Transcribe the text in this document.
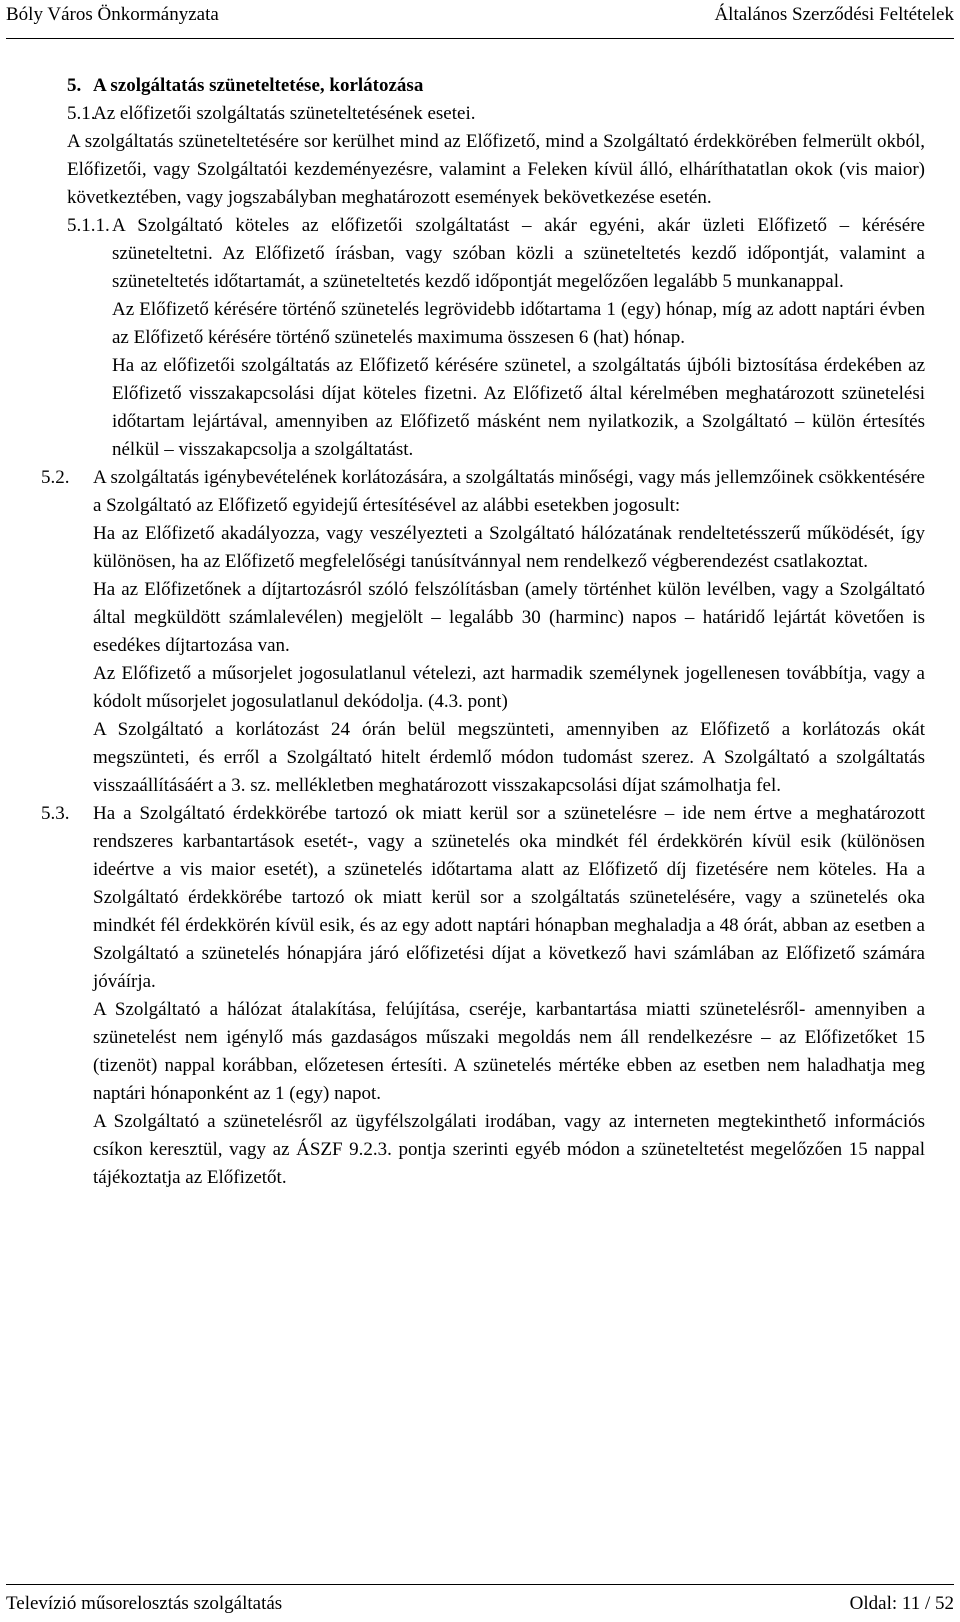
Bóly Város Önkormányzata	Általános Szerződési Feltételek
5. A szolgáltatás szüneteltetése, korlátozása
5.1.
Az előfizetői szolgáltatás szüneteltetésének esetei.
A szolgáltatás szüneteltetésére sor kerülhet mind az Előfizető, mind a Szolgáltató érdekkörében felmerült okból, Előfizetői, vagy Szolgáltatói kezdeményezésre, valamint a Feleken kívül álló, elháríthatatlan okok (vis maior) következtében, vagy jogszabályban meghatározott események bekövetkezése esetén.
5.1.1. A Szolgáltató köteles az előfizetői szolgáltatást – akár egyéni, akár üzleti Előfizető – kérésére szüneteltetni. Az Előfizető írásban, vagy szóban közli a szüneteltetés kezdő időpontját, valamint a szüneteltetés időtartamát, a szüneteltetés kezdő időpontját megelőzően legalább 5 munkanappal.
Az Előfizető kérésére történő szünetelés legrövidebb időtartama 1 (egy) hónap, míg az adott naptári évben az Előfizető kérésére történő szünetelés maximuma összesen 6 (hat) hónap.
Ha az előfizetői szolgáltatás az Előfizető kérésére szünetel, a szolgáltatás újbóli biztosítása érdekében az Előfizető visszakapcsolási díjat köteles fizetni. Az Előfizető által kérelmében meghatározott szünetelési időtartam lejártával, amennyiben az Előfizető másként nem nyilatkozik, a Szolgáltató – külön értesítés nélkül – visszakapcsolja a szolgáltatást.
5.2.	A szolgáltatás igénybevételének korlátozására, a szolgáltatás minőségi, vagy más jellemzőinek csökkentésére a Szolgáltató az Előfizető egyidejű értesítésével az alábbi esetekben jogosult:
Ha az Előfizető akadályozza, vagy veszélyezteti a Szolgáltató hálózatának rendeltetésszerű működését, így különösen, ha az Előfizető megfelelőségi tanúsítvánnyal nem rendelkező végberendezést csatlakoztat.
Ha az Előfizetőnek a díjtartozásról szóló felszólításban (amely történhet külön levélben, vagy a Szolgáltató által megküldött számlalevélen) megjelölt – legalább 30 (harminc) napos – határidő lejártát követően is esedékes díjtartozása van.
Az Előfizető a műsorjelet jogosulatlanul vételezi, azt harmadik személynek jogellenesen továbbítja, vagy a kódolt műsorjelet jogosulatlanul dekódolja. (4.3. pont)
A Szolgáltató a korlátozást 24 órán belül megszünteti, amennyiben az Előfizető a korlátozás okát megszünteti, és erről a Szolgáltató hitelt érdemlő módon tudomást szerez. A Szolgáltató a szolgáltatás visszaállításáért a 3. sz. mellékletben meghatározott visszakapcsolási díjat számolhatja fel.
5.3.	Ha a Szolgáltató érdekkörébe tartozó ok miatt kerül sor a szünetelésre – ide nem értve a meghatározott rendszeres karbantartások esetét-, vagy a szünetelés oka mindkét fél érdekkörén kívül esik (különösen ideértve a vis maior esetét), a szünetelés időtartama alatt az Előfizető díj fizetésére nem köteles. Ha a Szolgáltató érdekkörébe tartozó ok miatt kerül sor a szolgáltatás szünetelésére, vagy a szünetelés oka mindkét fél érdekkörén kívül esik, és az egy adott naptári hónapban meghaladja a 48 órát, abban az esetben a Szolgáltató a szünetelés hónapjára járó előfizetési díjat a következő havi számlában az Előfizető számára jóváírja.
A Szolgáltató a hálózat átalakítása, felújítása, cseréje, karbantartása miatti szünetelésről- amennyiben a szünetelést nem igénylő más gazdaságos műszaki megoldás nem áll rendelkezésre – az Előfizetőket 15 (tizenöt) nappal korábban, előzetesen értesíti. A szünetelés mértéke ebben az esetben nem haladhatja meg naptári hónaponként az 1 (egy) napot.
A Szolgáltató a szünetelésről az ügyfélszolgálati irodában, vagy az interneten megtekinthető információs csíkon keresztül, vagy az ÁSZF 9.2.3. pontja szerinti egyéb módon a szüneteltetést megelőzően 15 nappal tájékoztatja az Előfizetőt.
Televízió műsorelosztás szolgáltatás	Oldal: 11 / 52
